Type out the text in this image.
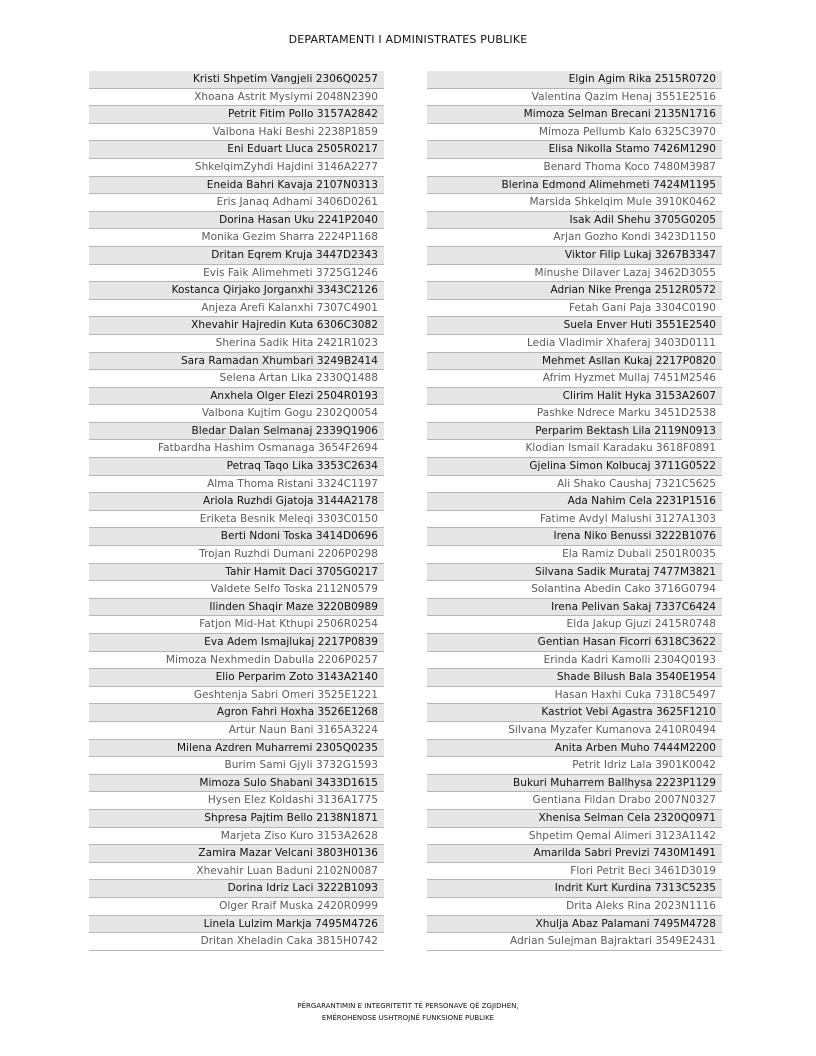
DEPARTAMENTI I ADMINISTRATES PUBLIKE
Kristi Shpetim Vangjeli 2306Q0257
Xhoana Astrit Myslymi 2048N2390
Petrit Fitim Pollo 3157A2842
Valbona Haki Beshi 2238P1859
Eni Eduart Lluca 2505R0217
ShkelqimZyhdi Hajdini 3146A2277
Eneida Bahri Kavaja 2107N0313
Eris Janaq Adhami 3406D0261
Dorina Hasan Uku 2241P2040
Monika Gezim Sharra 2224P1168
Dritan Eqrem Kruja 3447D2343
Evis Faik Alimehmeti 3725G1246
Kostanca Qirjako Jorganxhi 3343C2126
Anjeza Arefi Kalanxhi 7307C4901
Xhevahir Hajredin Kuta 6306C3082
Sherina Sadik Hita 2421R1023
Sara Ramadan Xhumbari 3249B2414
Selena Artan Lika 2330Q1488
Anxhela Olger Elezi 2504R0193
Valbona Kujtim Gogu 2302Q0054
Bledar Dalan Selmanaj 2339Q1906
Fatbardha Hashim Osmanaga 3654F2694
Petraq Taqo Lika 3353C2634
Alma Thoma Ristani 3324C1197
Ariola Ruzhdi Gjatoja 3144A2178
Eriketa Besnik Meleqi 3303C0150
Berti Ndoni Toska 3414D0696
Trojan Ruzhdi Dumani 2206P0298
Tahir Hamit Daci 3705G0217
Valdete Selfo Toska 2112N0579
Ilinden Shaqir Maze 3220B0989
Fatjon Mid-Hat Kthupi 2506R0254
Eva Adem Ismajlukaj 2217P0839
Mimoza Nexhmedin Dabulla 2206P0257
Elio Perparim Zoto 3143A2140
Geshtenja Sabri Omeri 3525E1221
Agron Fahri Hoxha 3526E1268
Artur Naun Bani 3165A3224
Milena Azdren Muharremi 2305Q0235
Burim Sami Gjyli 3732G1593
Mimoza Sulo Shabani 3433D1615
Hysen Elez Koldashi 3136A1775
Shpresa Pajtim Bello 2138N1871
Marjeta Ziso Kuro 3153A2628
Zamira Mazar Velcani 3803H0136
Xhevahir Luan Baduni 2102N0087
Dorina Idriz Laci 3222B1093
Olger Rraif Muska 2420R0999
Linela Lulzim Markja 7495M4726
Dritan Xheladin Caka 3815H0742
Elgin Agim Rika 2515R0720
Valentina Qazim Henaj 3551E2516
Mimoza Selman Brecani 2135N1716
Mimoza Pellumb Kalo 6325C3970
Elisa Nikolla Stamo 7426M1290
Benard Thoma Koco 7480M3987
Blerina Edmond Alimehmeti 7424M1195
Marsida Shkelqim Mule 3910K0462
Isak Adil Shehu 3705G0205
Arjan Gozho Kondi 3423D1150
Viktor Filip Lukaj 3267B3347
Minushe Dilaver Lazaj 3462D3055
Adrian Nike Prenga 2512R0572
Fetah Gani Paja 3304C0190
Suela Enver Huti 3551E2540
Ledia Vladimir Xhaferaj 3403D0111
Mehmet Asllan Kukaj 2217P0820
Afrim Hyzmet Mullaj 7451M2546
Clirim Halit Hyka 3153A2607
Pashke Ndrece Marku 3451D2538
Perparim Bektash Lila 2119N0913
Klodian Ismail Karadaku 3618F0891
Gjelina Simon Kolbucaj 3711G0522
Ali Shako Caushaj 7321C5625
Ada Nahim Cela 2231P1516
Fatime Avdyl Malushi 3127A1303
Irena Niko Benussi 3222B1076
Ela Ramiz Dubali 2501R0035
Silvana Sadik Murataj 7477M3821
Solantina Abedin Cako 3716G0794
Irena Pelivan Sakaj 7337C6424
Elda Jakup Gjuzi 2415R0748
Gentian Hasan Ficorri 6318C3622
Erinda Kadri Kamolli 2304Q0193
Shade Bilush Bala 3540E1954
Hasan Haxhi Cuka 7318C5497
Kastriot Vebi Agastra 3625F1210
Silvana Myzafer Kumanova 2410R0494
Anita Arben Muho 7444M2200
Petrit Idriz Lala 3901K0042
Bukuri Muharrem Ballhysa 2223P1129
Gentiana Fildan Drabo 2007N0327
Xhenisa Selman Cela 2320Q0971
Shpetim Qemal Alimeri 3123A1142
Amarilda Sabri Previzi 7430M1491
Flori Petrit Beci 3461D3019
Indrit Kurt Kurdina 7313C5235
Drita Aleks Rina 2023N1116
Xhulja Abaz Palamani 7495M4728
Adrian Sulejman Bajraktari 3549E2431
PËRGARANTIMIN E INTEGRITETIT TË PERSONAVE QË ZGJIDHEN,
EMËROHENOSE USHTROJNË FUNKSIONE PUBLIKE
